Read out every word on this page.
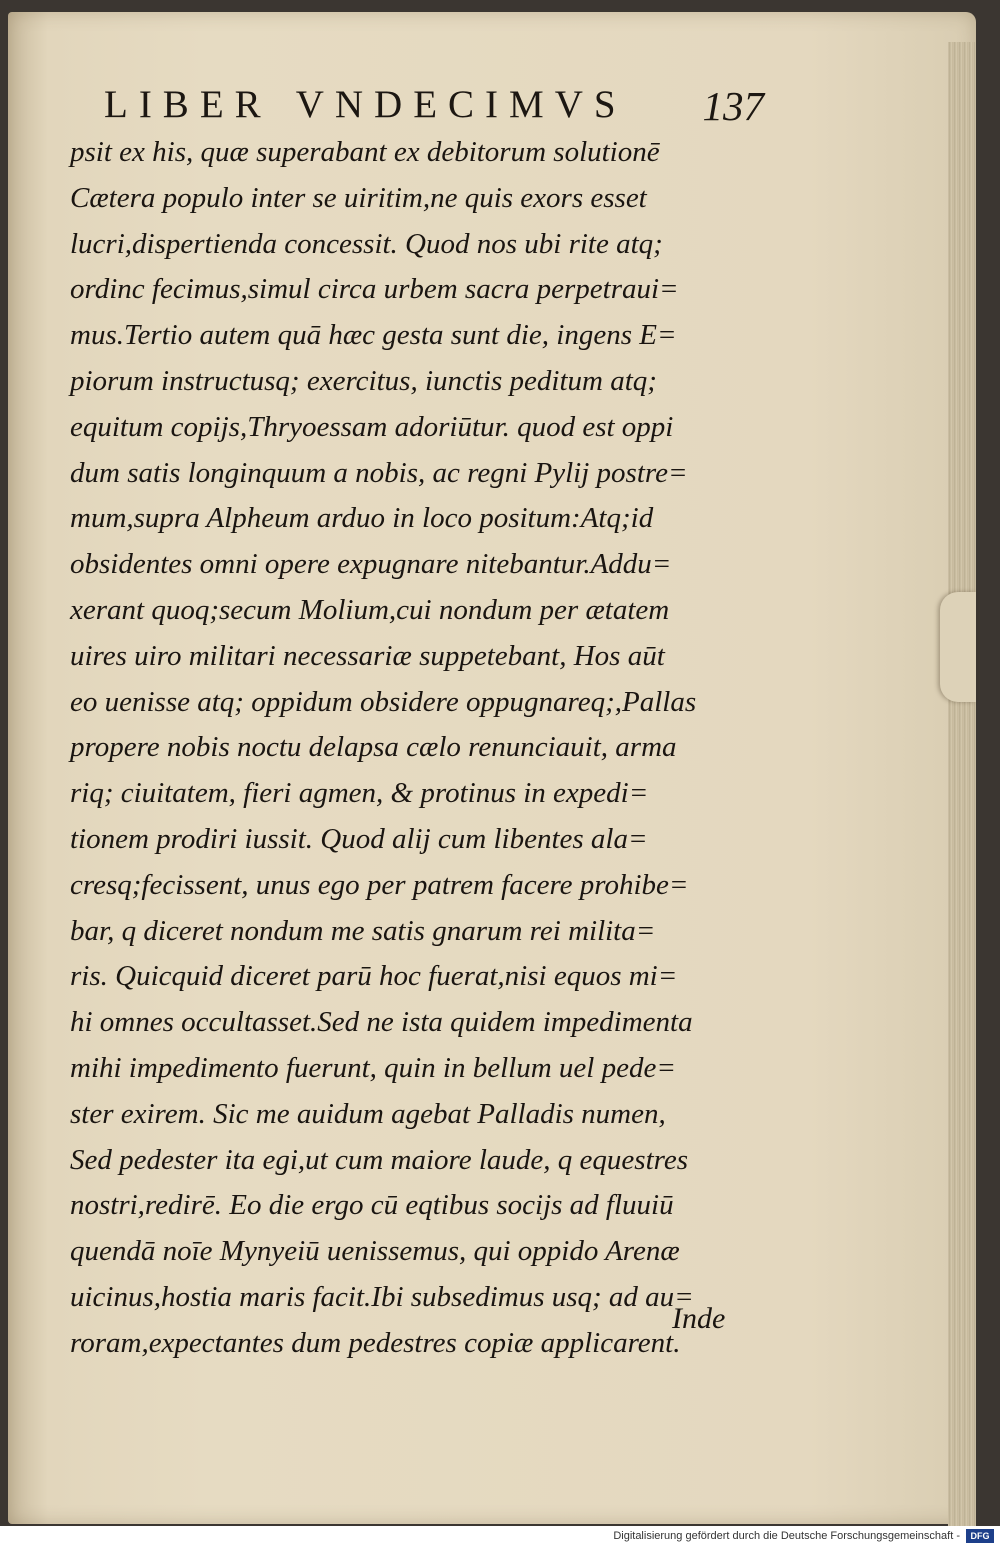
LIBER VNDECIMVS 137
psit ex his, quæ superabant ex debitorum solutionē
Cætera populo inter se uiritim,ne quis exors esset
lucri,dispertienda concessit. Quod nos ubi rite atq;
ordinc fecimus,simul circa urbem sacra perpetraui=
mus.Tertio autem quā hæc gesta sunt die, ingens E=
piorum instructusq; exercitus, iunctis peditum atq;
equitum copijs,Thryoessam adoriūtur. quod est oppi
dum satis longinquum a nobis, ac regni Pylij postre=
mum,supra Alpheum arduo in loco positum:Atq;id
obsidentes omni opere expugnare nitebantur.Addu=
xerant quoq;secum Molium,cui nondum per ætatem
uires uiro militari necessariæ suppetebant, Hos aūt
eo uenisse atq; oppidum obsidere oppugnareq;,Pallas
propere nobis noctu delapsa cælo renunciauit, arma
riq; ciuitatem, fieri agmen, & protinus in expedi=
tionem prodiri iussit. Quod alij cum libentes ala=
cresq;fecissent, unus ego per patrem facere prohibe=
bar, q diceret nondum me satis gnarum rei milita=
ris. Quicquid diceret parū hoc fuerat,nisi equos mi=
hi omnes occultasset.Sed ne ista quidem impedimenta
mihi impedimento fuerunt, quin in bellum uel pede=
ster exirem. Sic me auidum agebat Palladis numen,
Sed pedester ita egi,ut cum maiore laude, q equestres
nostri,redirē. Eo die ergo cū eqtibus socijs ad fluuiū
quendā noīe Mynyeiū uenissemus, qui oppido Arenæ
uicinus,hostia maris facit.Ibi subsedimus usq; ad au=
roram,expectantes dum pedestres copiæ applicarent.
Inde
Digitalisierung gefördert durch die Deutsche Forschungsgemeinschaft -	DFG
